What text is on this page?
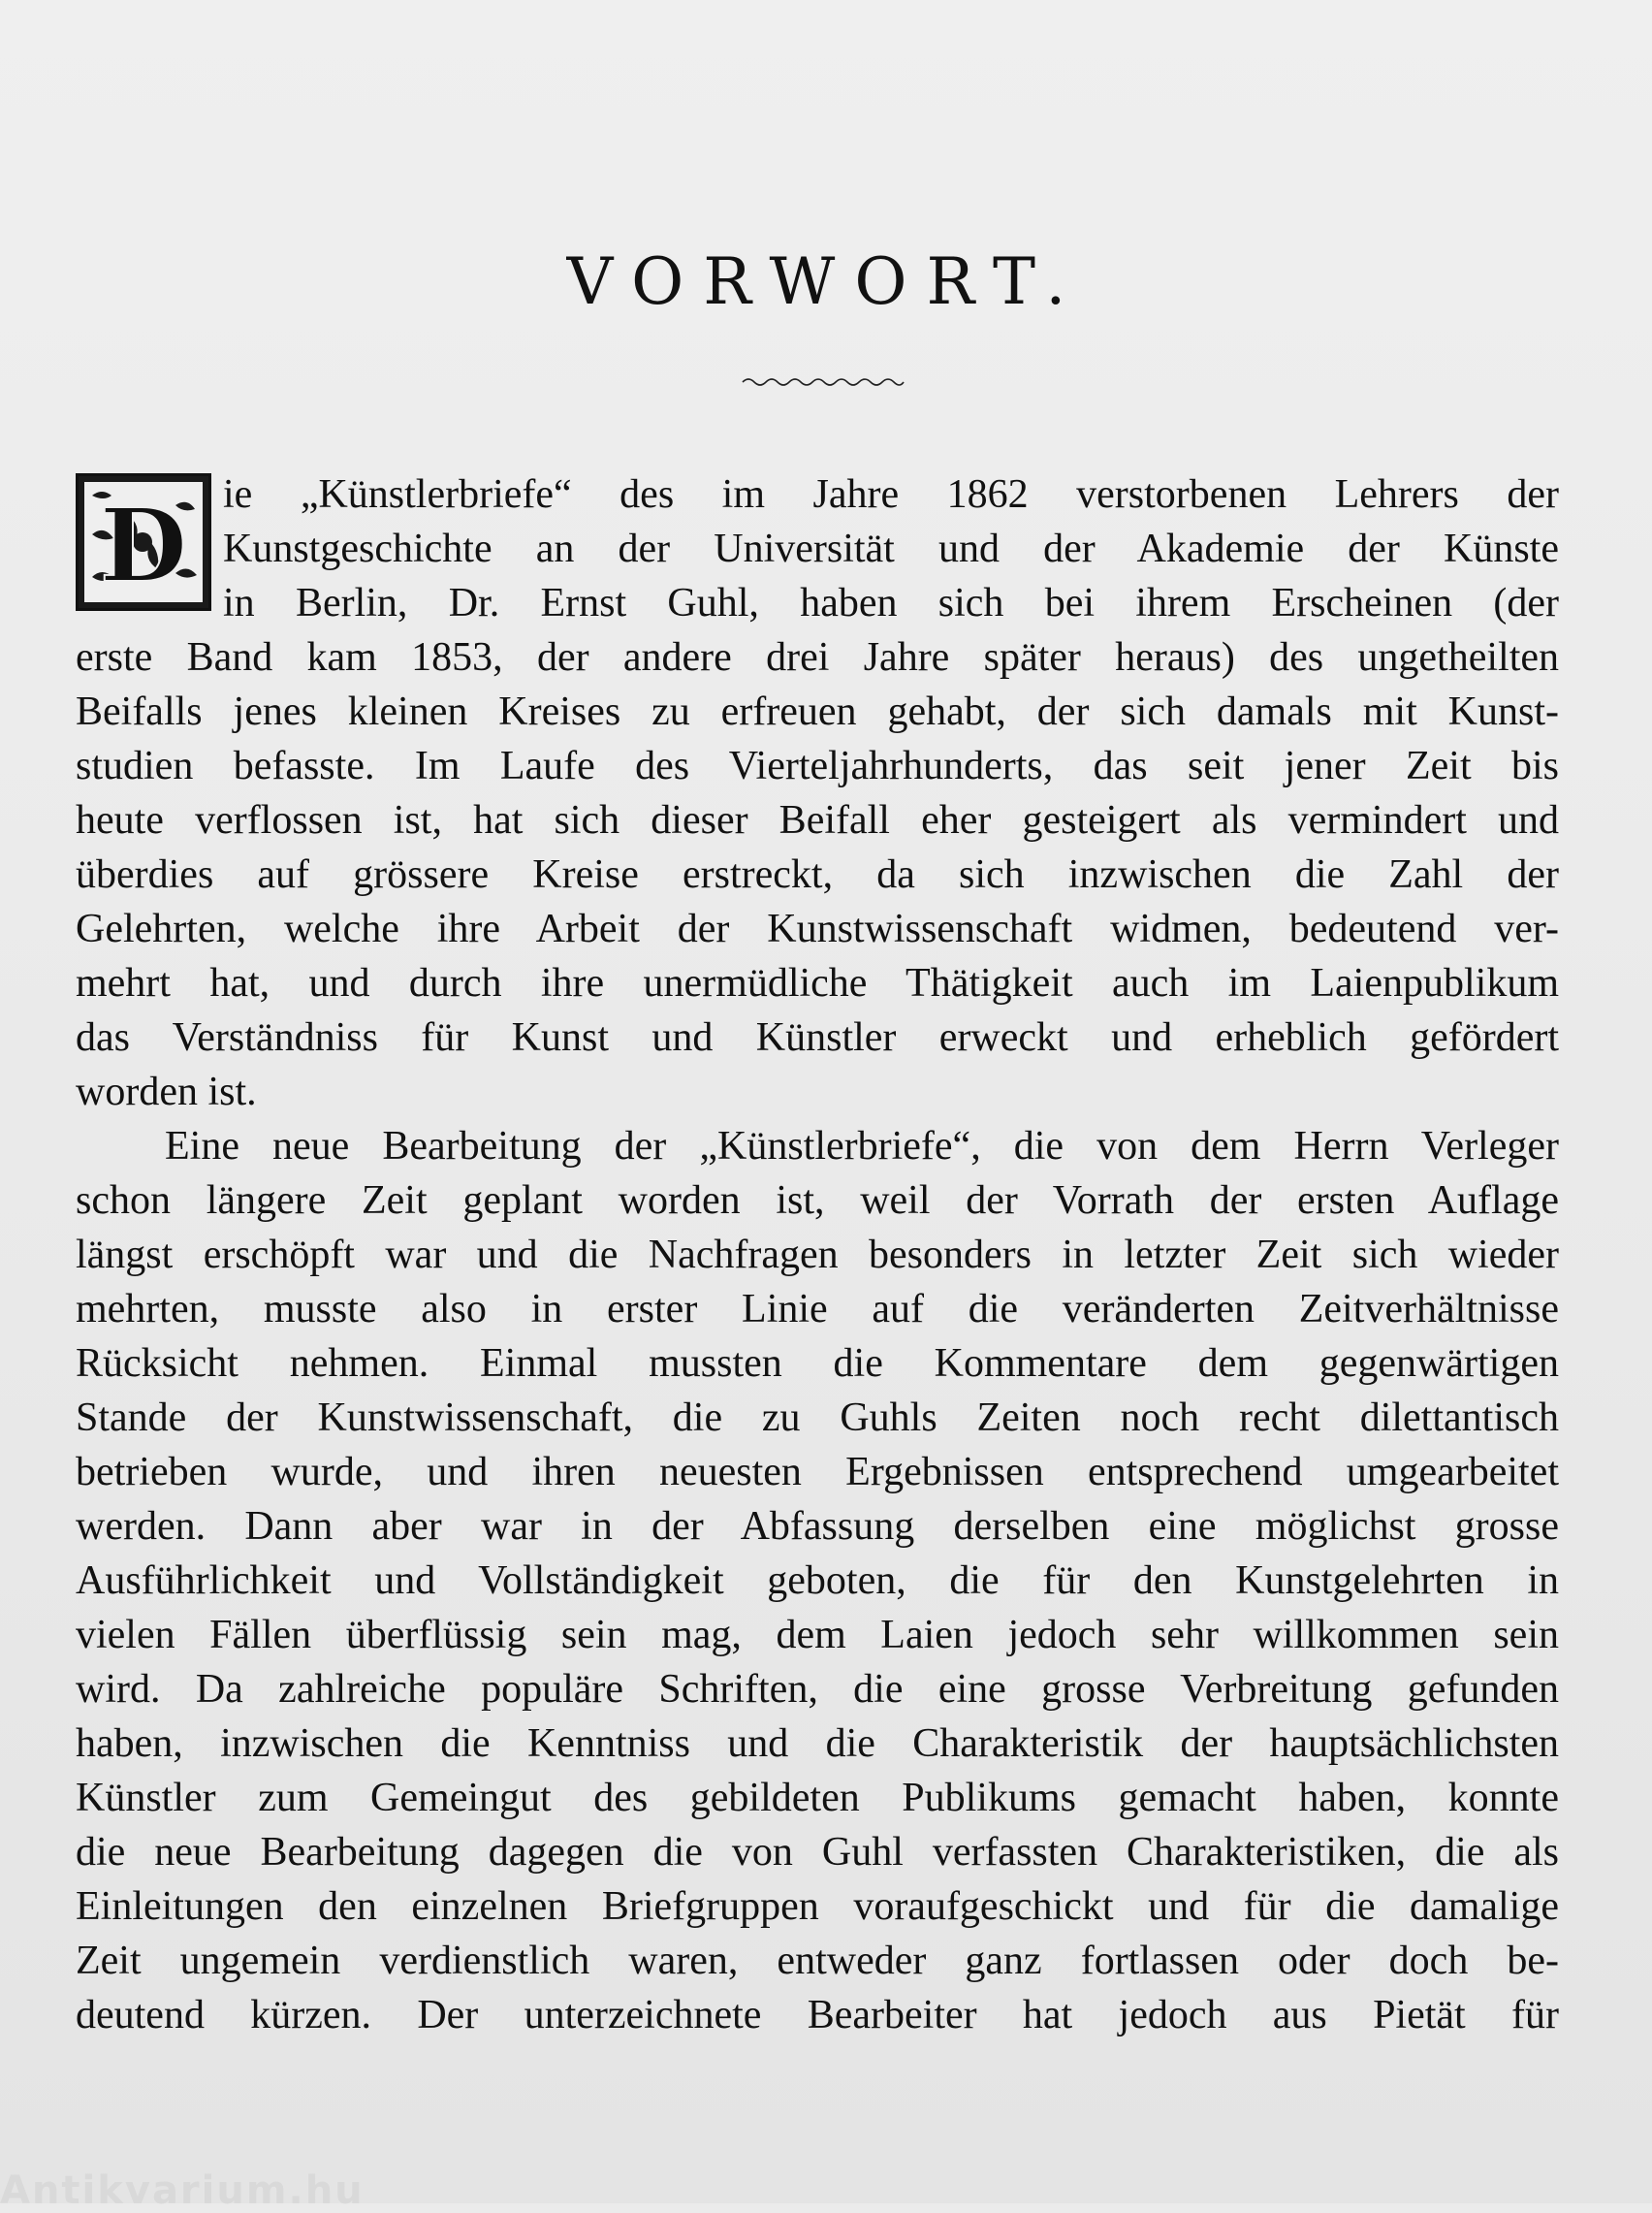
VORWORT.
D ie „Künstlerbriefe“ des im Jahre 1862 verstorbenen Lehrers der
Kunstgeschichte an der Universität und der Akademie der Künste
in Berlin, Dr. Ernst Guhl, haben sich bei ihrem Erscheinen (der
erste Band kam 1853, der andere drei Jahre später heraus) des ungetheilten
Beifalls jenes kleinen Kreises zu erfreuen gehabt, der sich damals mit Kunst-
studien befasste. Im Laufe des Vierteljahrhunderts, das seit jener Zeit bis
heute verflossen ist, hat sich dieser Beifall eher gesteigert als vermindert und
überdies auf grössere Kreise erstreckt, da sich inzwischen die Zahl der
Gelehrten, welche ihre Arbeit der Kunstwissenschaft widmen, bedeutend ver-
mehrt hat, und durch ihre unermüdliche Thätigkeit auch im Laienpublikum
das Verständniss für Kunst und Künstler erweckt und erheblich gefördert
worden ist.
Eine neue Bearbeitung der „Künstlerbriefe“, die von dem Herrn Verleger
schon längere Zeit geplant worden ist, weil der Vorrath der ersten Auflage
längst erschöpft war und die Nachfragen besonders in letzter Zeit sich wieder
mehrten, musste also in erster Linie auf die veränderten Zeitverhältnisse
Rücksicht nehmen. Einmal mussten die Kommentare dem gegenwärtigen
Stande der Kunstwissenschaft, die zu Guhls Zeiten noch recht dilettantisch
betrieben wurde, und ihren neuesten Ergebnissen entsprechend umgearbeitet
werden. Dann aber war in der Abfassung derselben eine möglichst grosse
Ausführlichkeit und Vollständigkeit geboten, die für den Kunstgelehrten in
vielen Fällen überflüssig sein mag, dem Laien jedoch sehr willkommen sein
wird. Da zahlreiche populäre Schriften, die eine grosse Verbreitung gefunden
haben, inzwischen die Kenntniss und die Charakteristik der hauptsächlichsten
Künstler zum Gemeingut des gebildeten Publikums gemacht haben, konnte
die neue Bearbeitung dagegen die von Guhl verfassten Charakteristiken, die als
Einleitungen den einzelnen Briefgruppen voraufgeschickt und für die damalige
Zeit ungemein verdienstlich waren, entweder ganz fortlassen oder doch be-
deutend kürzen. Der unterzeichnete Bearbeiter hat jedoch aus Pietät für
Antikvarium.hu
